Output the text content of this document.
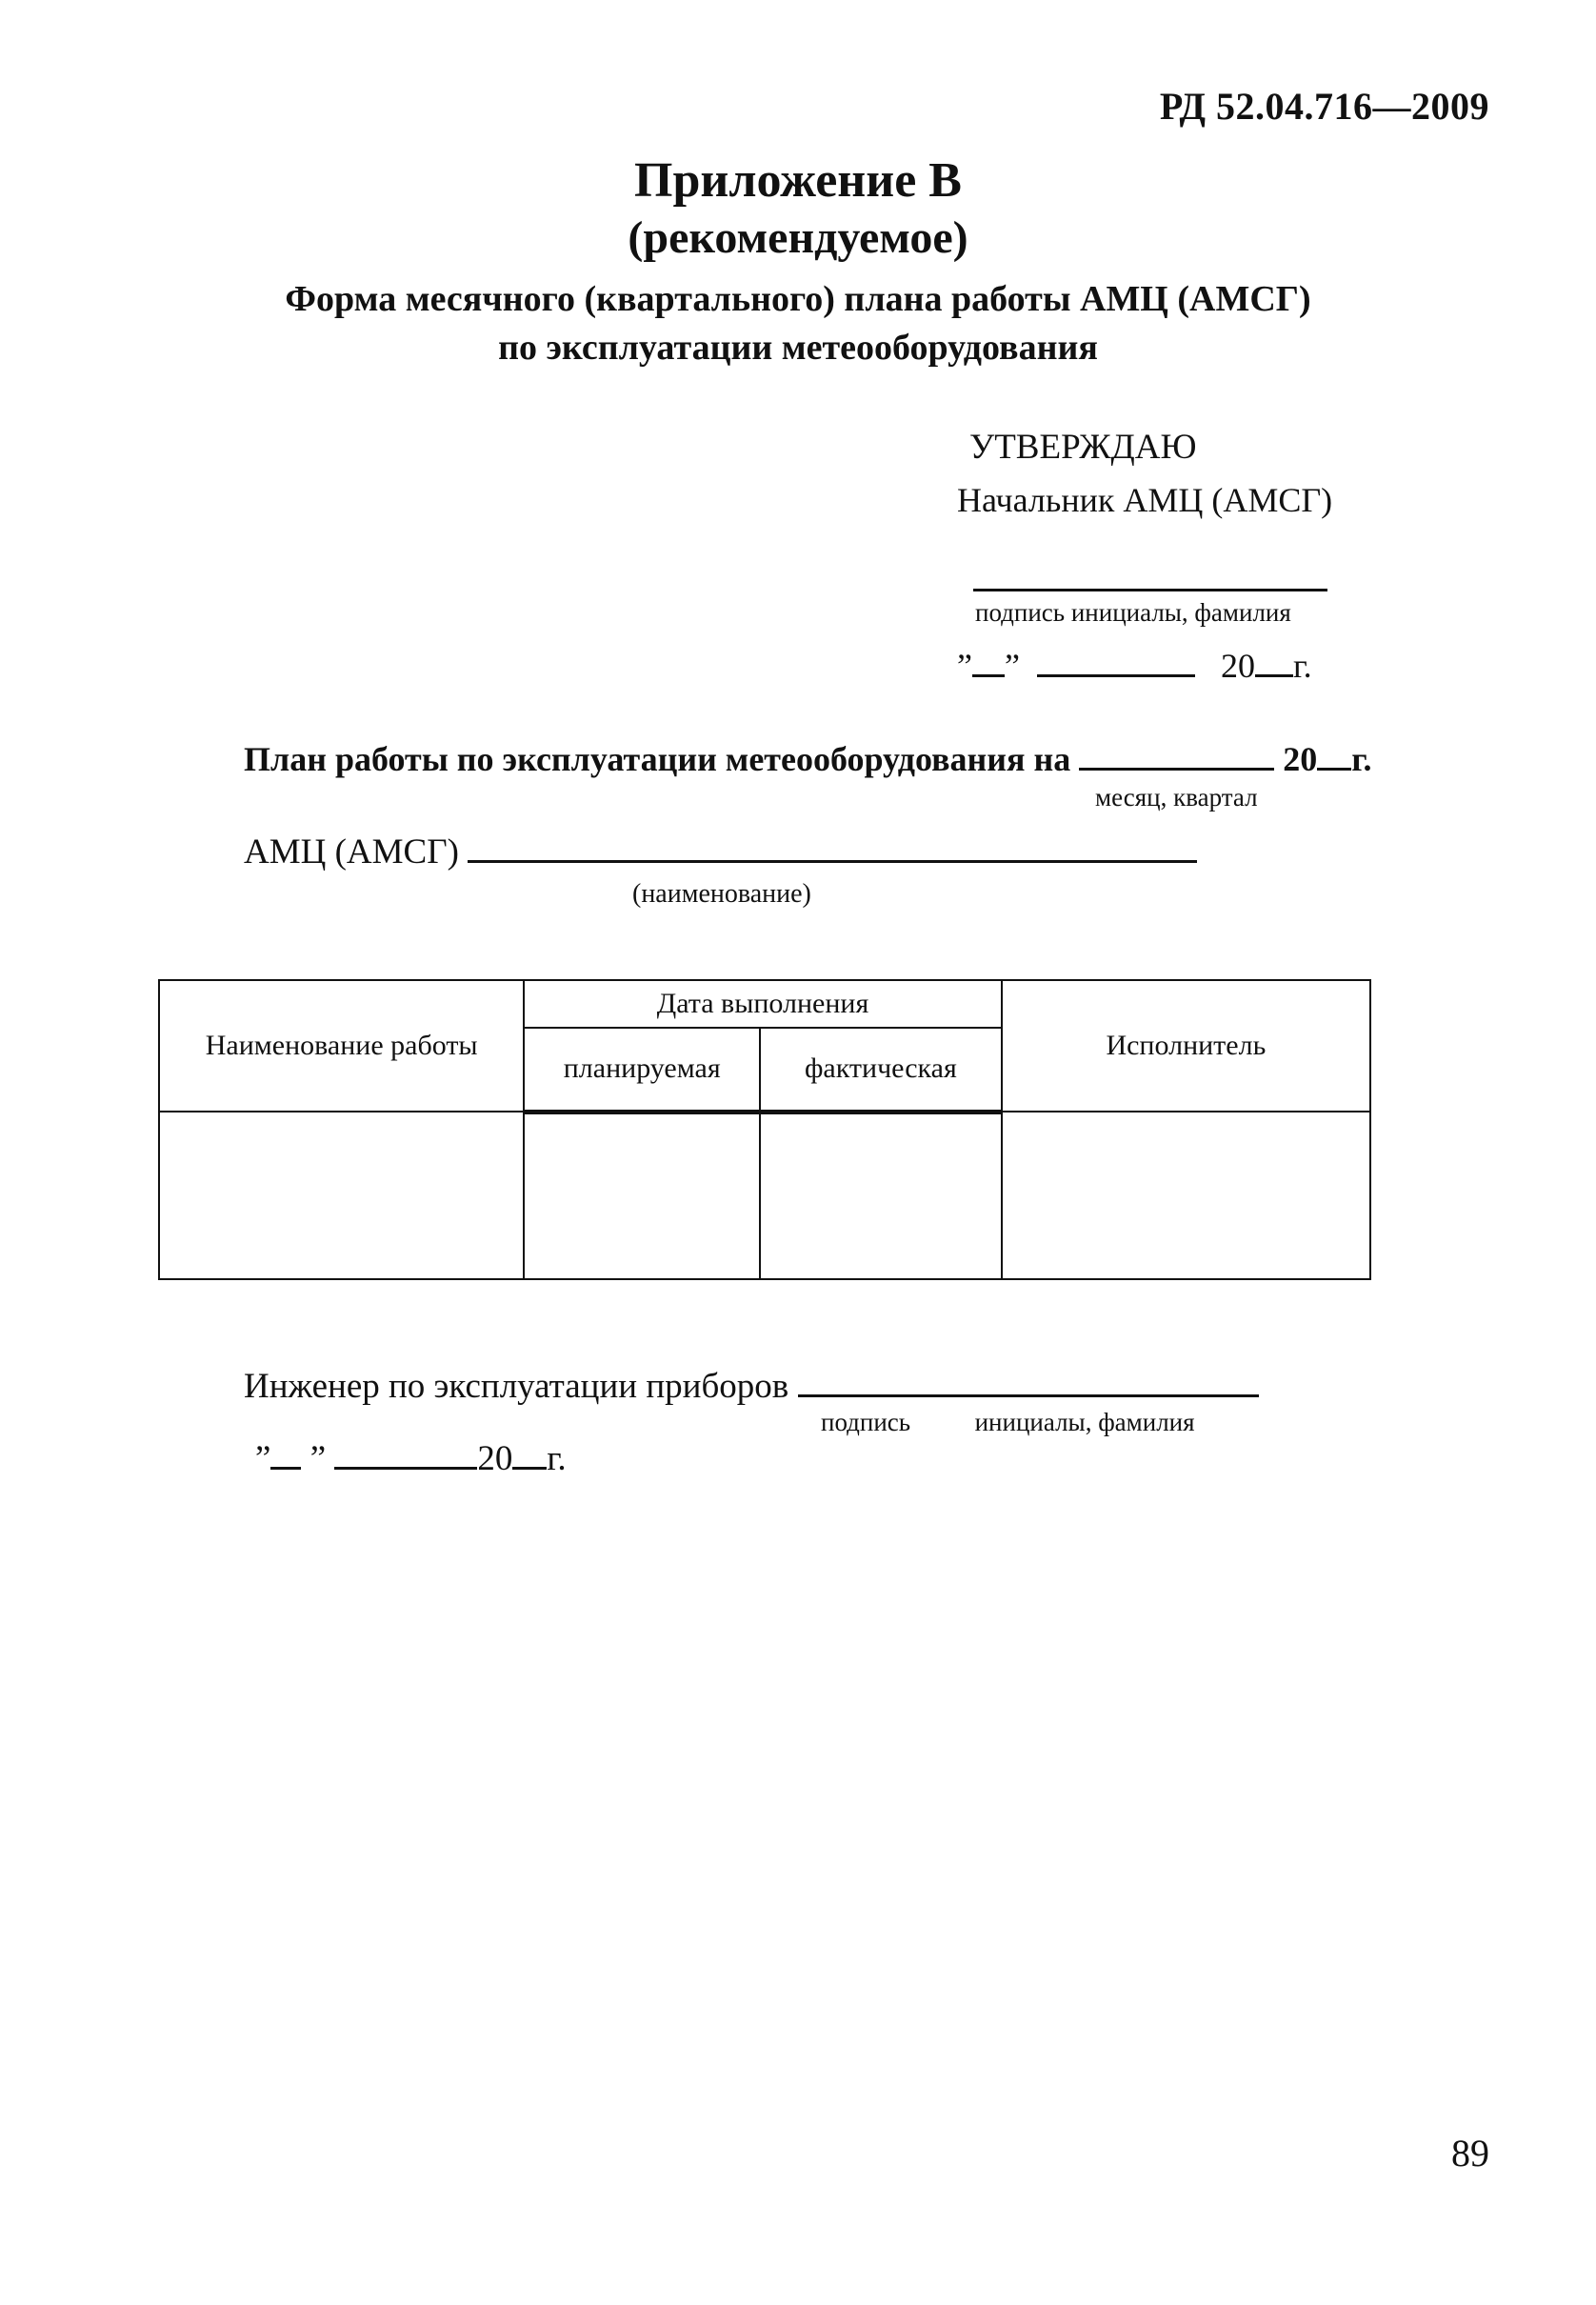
РД 52.04.716—2009
Приложение В
(рекомендуемое)
Форма месячного (квартального) плана работы АМЦ (АМСГ)
по эксплуатации метеооборудования
УТВЕРЖДАЮ
Начальник АМЦ (АМСГ)
подпись инициалы, фамилия
” ”	20 г.
План работы по эксплуатации метеооборудования на	20 г.
месяц, квартал
АМЦ (АМСГ)
(наименование)
Наименование работы	Дата выполнения		Исполнитель
	планируемая	фактическая	

Инженер по эксплуатации приборов
подпись	инициалы, фамилия
” ”	20 г.
89
